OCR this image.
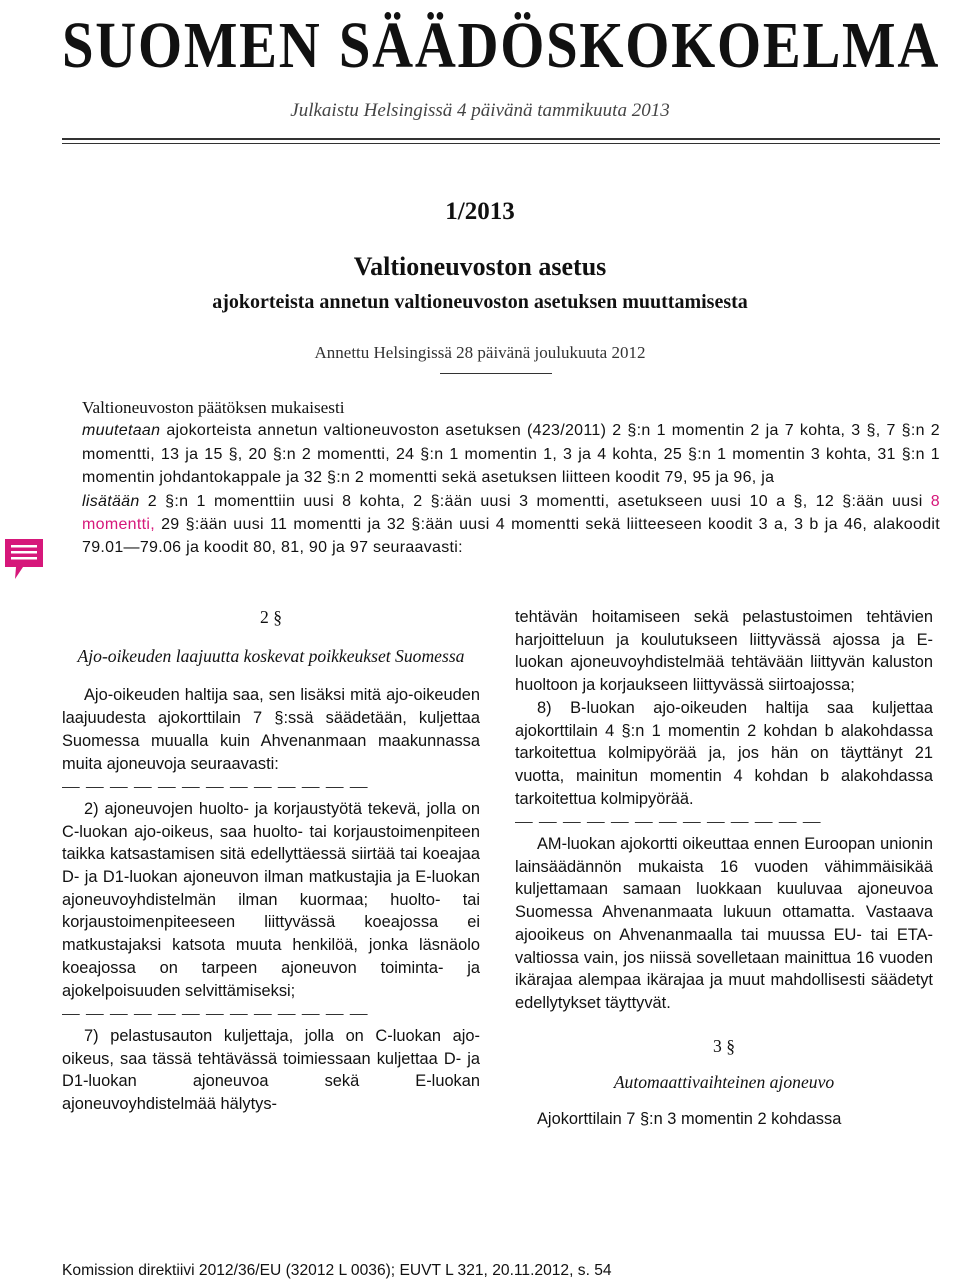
SUOMEN SÄÄDÖSKOKOELMA
Julkaistu Helsingissä 4 päivänä tammikuuta 2013
1/2013
Valtioneuvoston asetus
ajokorteista annetun valtioneuvoston asetuksen muuttamisesta
Annettu Helsingissä 28 päivänä joulukuuta 2012

Valtioneuvoston päätöksen mukaisesti

muutetaan ajokorteista annetun valtioneuvoston asetuksen (423/2011) 2 §:n 1 momentin 2 ja 7 kohta, 3 §, 7 §:n 2 momentti, 13 ja 15 §, 20 §:n 2 momentti, 24 §:n 1 momentin 1, 3 ja 4 kohta, 25 §:n 1 momentin 3 kohta, 31 §:n 1 momentin johdantokappale ja 32 §:n 2 momentti sekä asetuksen liitteen koodit 79, 95 ja 96, ja

lisätään 2 §:n 1 momenttiin uusi 8 kohta, 2 §:ään uusi 3 momentti, asetukseen uusi 10 a §, 12 §:ään uusi 8 momentti, 29 §:ään uusi 11 momentti ja 32 §:ään uusi 4 momentti sekä liitteeseen koodit 3 a, 3 b ja 46, alakoodit 79.01—79.06 ja koodit 80, 81, 90 ja 97 seuraavasti:

2 §

Ajo-oikeuden laajuutta koskevat poikkeukset Suomessa

Ajo-oikeuden haltija saa, sen lisäksi mitä ajo-oikeuden laajuudesta ajokorttilain 7 §:ssä säädetään, kuljettaa Suomessa muualla kuin Ahvenanmaan maakunnassa muita ajoneuvoja seuraavasti:

— — — — — — — — — — — — —

2) ajoneuvojen huolto- ja korjaustyötä tekevä, jolla on C-luokan ajo-oikeus, saa huolto- tai korjaustoimenpiteen taikka katsastamisen sitä edellyttäessä siirtää tai koeajaa D- ja D1-luokan ajoneuvon ilman matkustajia ja E-luokan ajoneuvoyhdistelmän ilman kuormaa; huolto- tai korjaustoimenpiteeseen liittyvässä koeajossa ei matkustajaksi katsota muuta henkilöä, jonka läsnäolo koeajossa on tarpeen ajoneuvon toiminta- ja ajokelpoisuuden selvittämiseksi;

— — — — — — — — — — — — —

7) pelastusauton kuljettaja, jolla on C-luokan ajo-oikeus, saa tässä tehtävässä toimiessaan kuljettaa D- ja D1-luokan ajoneuvoa sekä E-luokan ajoneuvoyhdistelmää hälytys-

tehtävän hoitamiseen sekä pelastustoimen tehtävien harjoitteluun ja koulutukseen liittyvässä ajossa ja E-luokan ajoneuvoyhdistelmää tehtävään liittyvän kaluston huoltoon ja korjaukseen liittyvässä siirtoajossa;

8) B-luokan ajo-oikeuden haltija saa kuljettaa ajokorttilain 4 §:n 1 momentin 2 kohdan b alakohdassa tarkoitettua kolmipyörää ja, jos hän on täyttänyt 21 vuotta, mainitun momentin 4 kohdan b alakohdassa tarkoitettua kolmipyörää.

— — — — — — — — — — — — —

AM-luokan ajokortti oikeuttaa ennen Euroopan unionin lainsäädännön mukaista 16 vuoden vähimmäisikää kuljettamaan samaan luokkaan kuuluvaa ajoneuvoa Suomessa Ahvenanmaata lukuun ottamatta. Vastaava ajooikeus on Ahvenanmaalla tai muussa EU- tai ETA-valtiossa vain, jos niissä sovelletaan mainittua 16 vuoden ikärajaa alempaa ikärajaa ja muut mahdollisesti säädetyt edellytykset täyttyvät.

3 §

Automaattivaihteinen ajoneuvo

Ajokorttilain 7 §:n 3 momentin 2 kohdassa

Komission direktiivi 2012/36/EU (32012 L 0036); EUVT L 321, 20.11.2012, s. 54
